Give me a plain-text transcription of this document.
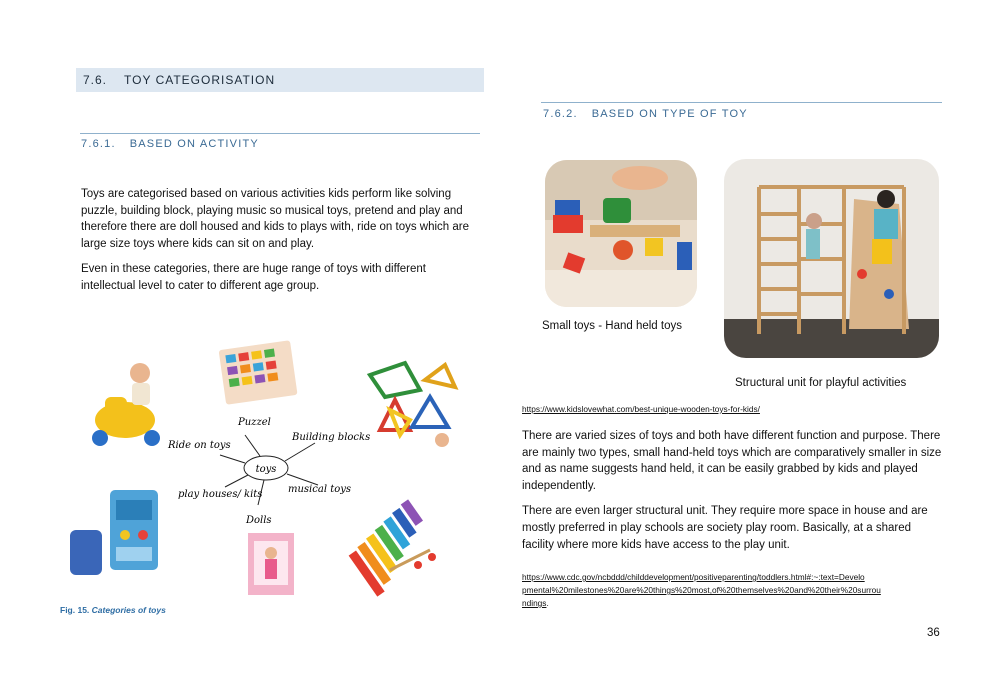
7.6. TOY CATEGORISATION
7.6.1. BASED ON ACTIVITY

Toys are categorised based on various activities kids perform like solving puzzle, building block, playing music so musical toys, pretend and play and therefore there are doll housed and kids to plays with, ride on toys which are large size toys where kids can sit on and play.

Even in these categories, there are huge range of toys with different intellectual level to cater to different age group.

toys
Puzzel
Ride on toys
Building blocks
play houses/ kits	musical toys
Dolls
Fig. 15. Categories of toys
7.6.2. BASED ON TYPE OF TOY
Small toys - Hand held toys
Structural unit for playful activities
https://www.kidslovewhat.com/best-unique-wooden-toys-for-kids/

There are varied sizes of toys and both have different function and purpose. There are mainly two types, small hand-held toys which are comparatively smaller in size and as name suggests hand held, it can be easily grabbed by kids and played independently.

There are even larger structural unit. They require more space in house and are mostly preferred in play schools are society play room. Basically, at a shared facility where more kids have access to the play unit.

https://www.cdc.gov/ncbddd/childdevelopment/positiveparenting/toddlers.html#:~:text=Develo
pmental%20milestones%20are%20things%20most,of%20themselves%20and%20their%20surrou
ndings.
36
